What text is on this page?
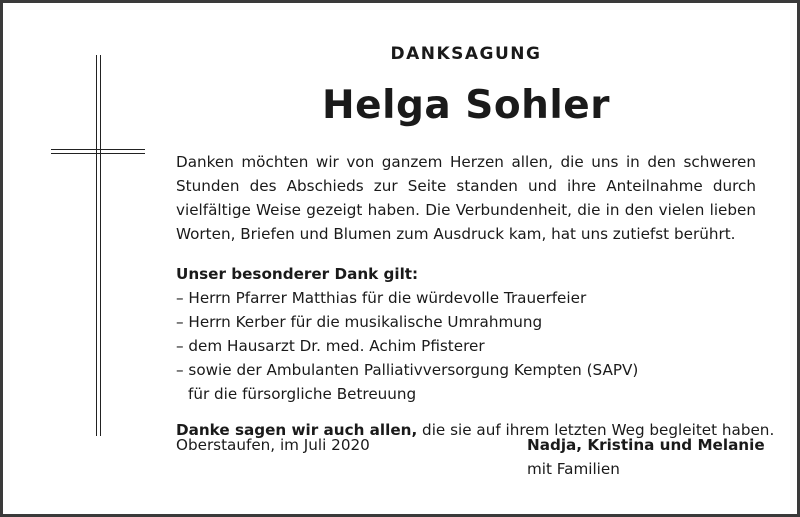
DANKSAGUNG
Helga Sohler
Danken möchten wir von ganzem Herzen allen, die uns in den schweren
Stunden des Abschieds zur Seite standen und ihre Anteilnahme durch
vielfältige Weise gezeigt haben. Die Verbundenheit, die in den vielen lieben
Worten, Briefen und Blumen zum Ausdruck kam, hat uns zutiefst berührt.
Unser besonderer Dank gilt:
– Herrn Pfarrer Matthias für die würdevolle Trauerfeier
– Herrn Kerber für die musikalische Umrahmung
– dem Hausarzt Dr. med. Achim Pfisterer
– sowie der Ambulanten Palliativversorgung Kempten (SAPV)
für die fürsorgliche Betreuung
Danke sagen wir auch allen, die sie auf ihrem letzten Weg begleitet haben.
Oberstaufen, im Juli 2020	Nadja, Kristina und Melanie
mit Familien
